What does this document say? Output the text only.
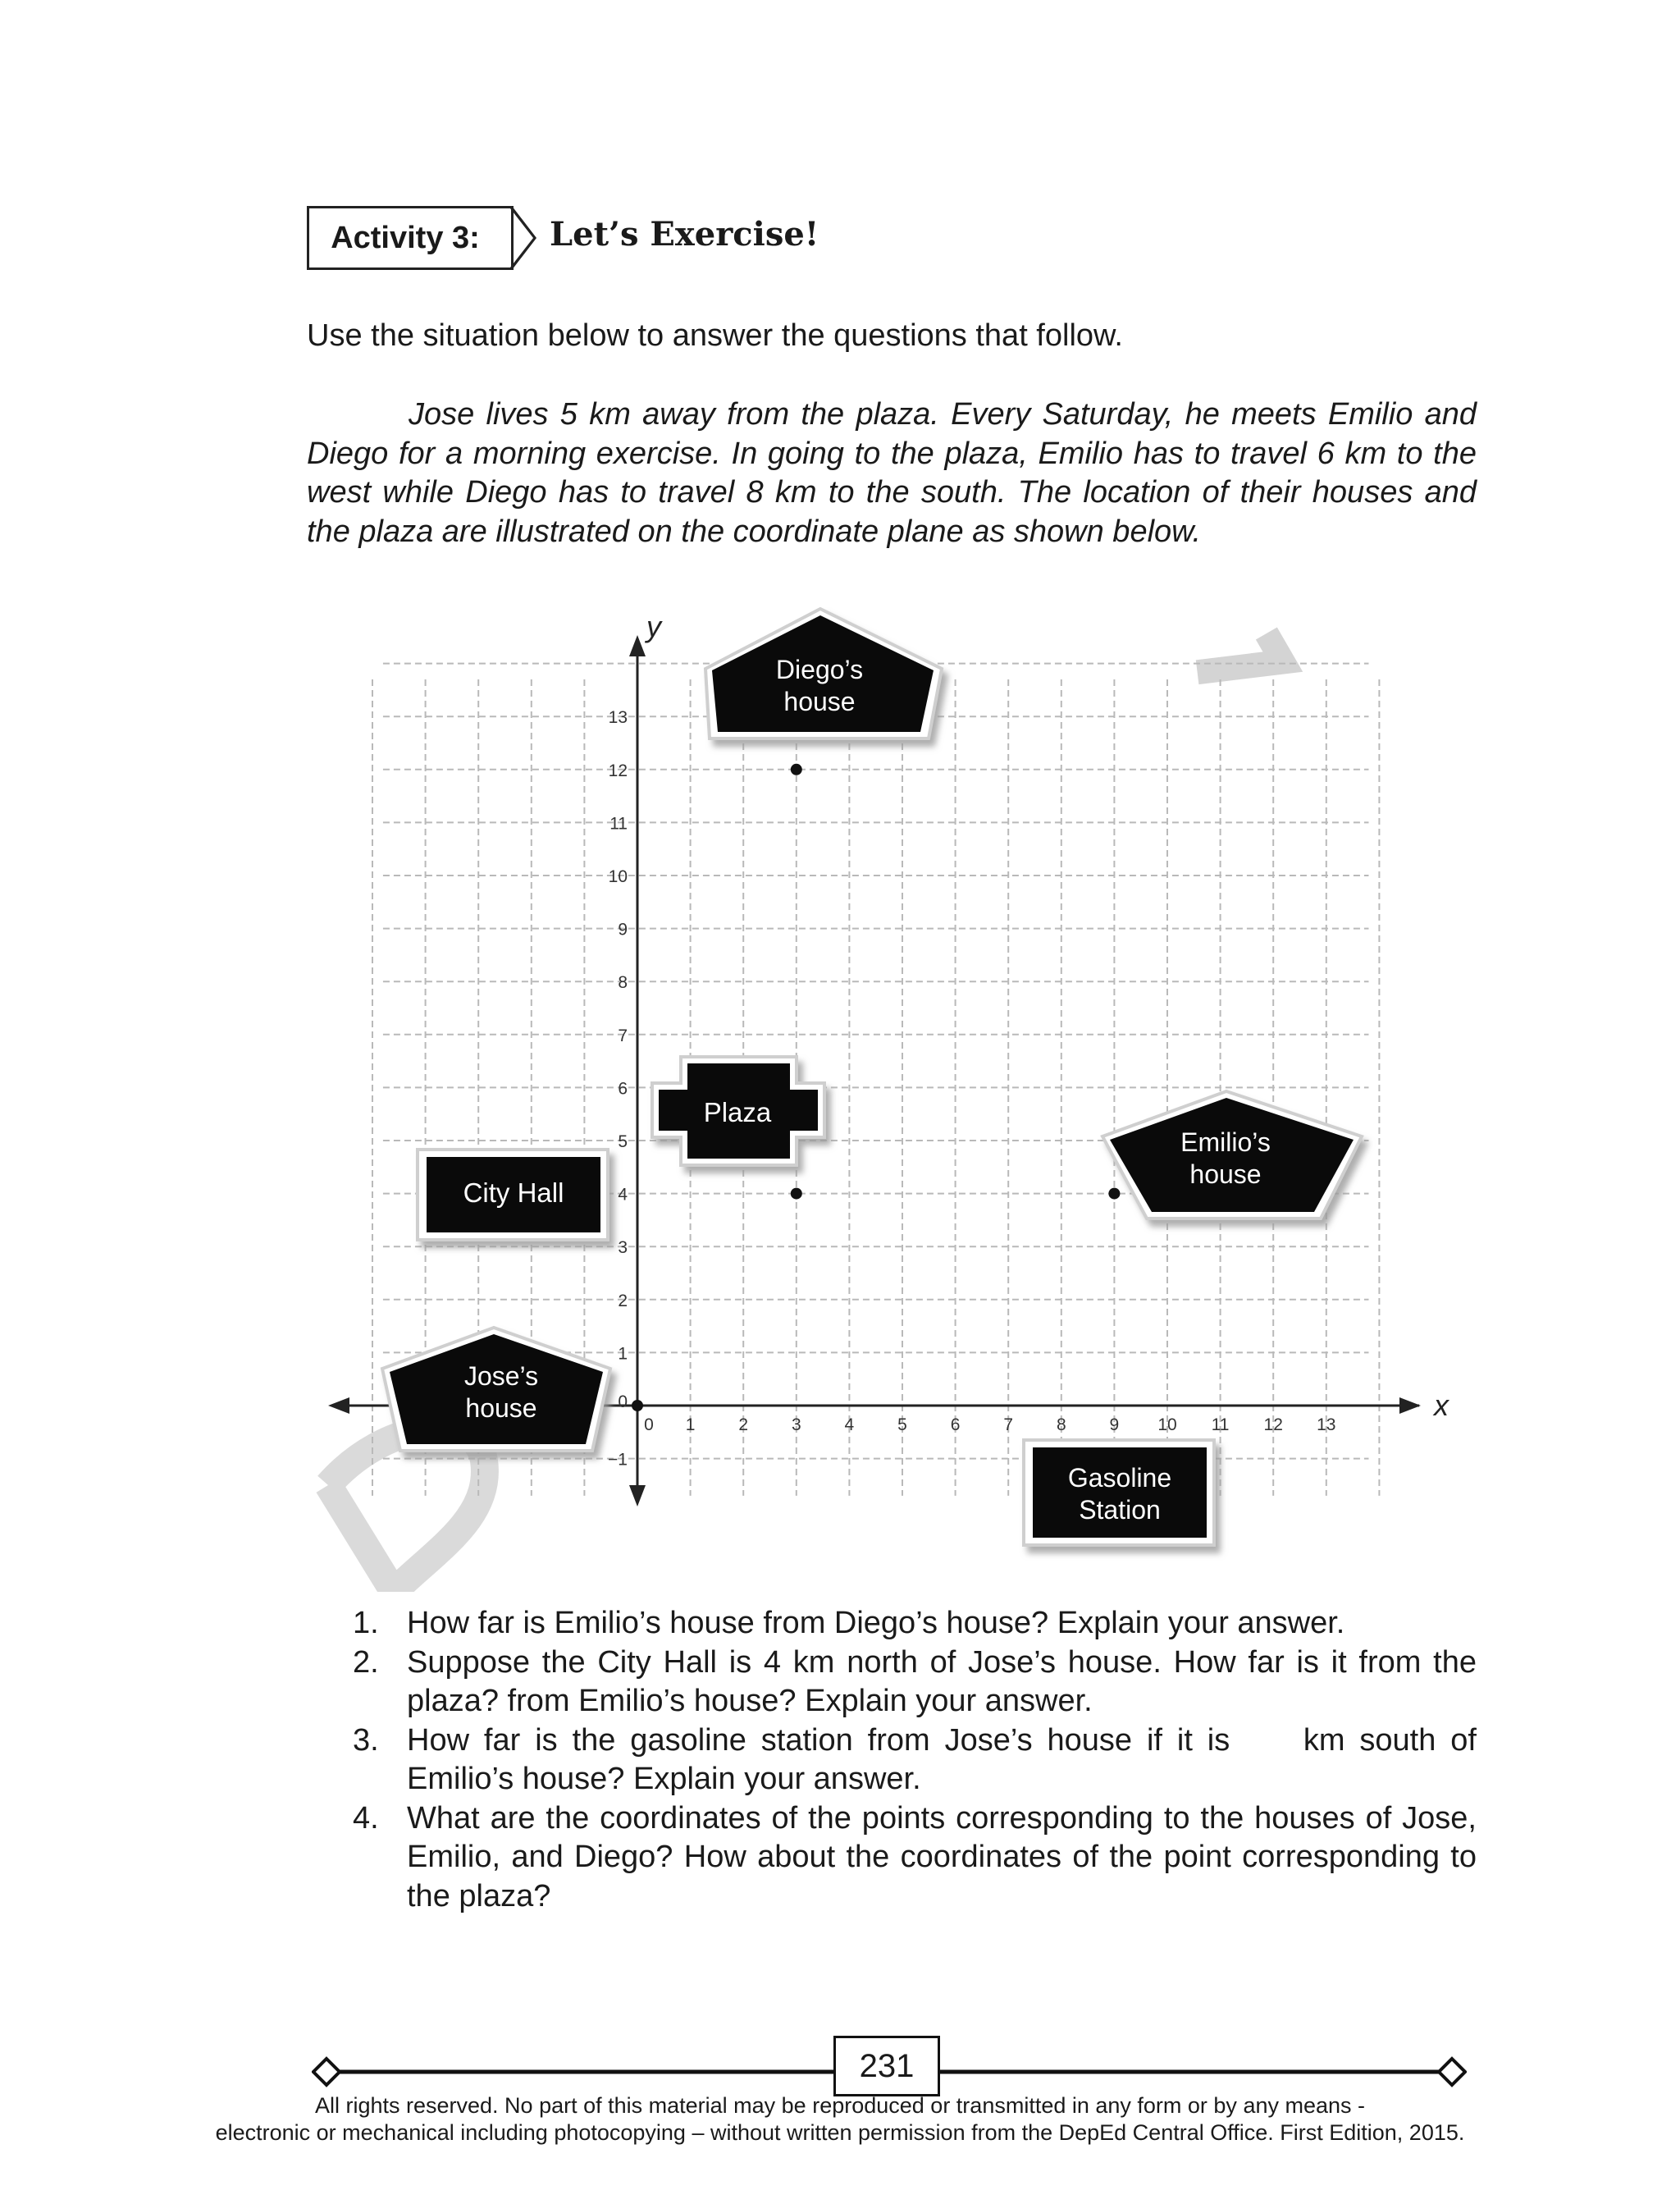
Activity 3:	Let’s Exercise!
Use the situation below to answer the questions that follow.
Jose lives 5 km away from the plaza. Every Saturday, he meets Emilio and Diego for a morning exercise. In going to the plaza, Emilio has to travel 6 km to the west while Diego has to travel 8 km to the south. The location of their houses and the plaza are illustrated on the coordinate plane as shown below.
0 1	2	3	4	5	6	7	8	9 10 11 12 13
−1
0
1
2
3
4
5
6
7
8
9
10
11
12
13
x
y
Diego’s
house
Plaza
City Hall
Emilio’s
house
Jose’s
house
Gasoline
Station
1. How far is Emilio’s house from Diego’s house? Explain your answer.
2. Suppose the City Hall is 4 km north of Jose’s house. How far is it from the plaza? from Emilio’s house? Explain your answer.
3. How far is the gasoline station from Jose’s house if it is     km south of Emilio’s house? Explain your answer.
4. What are the coordinates of the points corresponding to the houses of Jose, Emilio, and Diego? How about the coordinates of the point corresponding to the plaza?
231
All rights reserved. No part of this material may be reproduced or transmitted in any form or by any means -
electronic or mechanical including photocopying – without written permission from the DepEd Central Office. First Edition, 2015.
